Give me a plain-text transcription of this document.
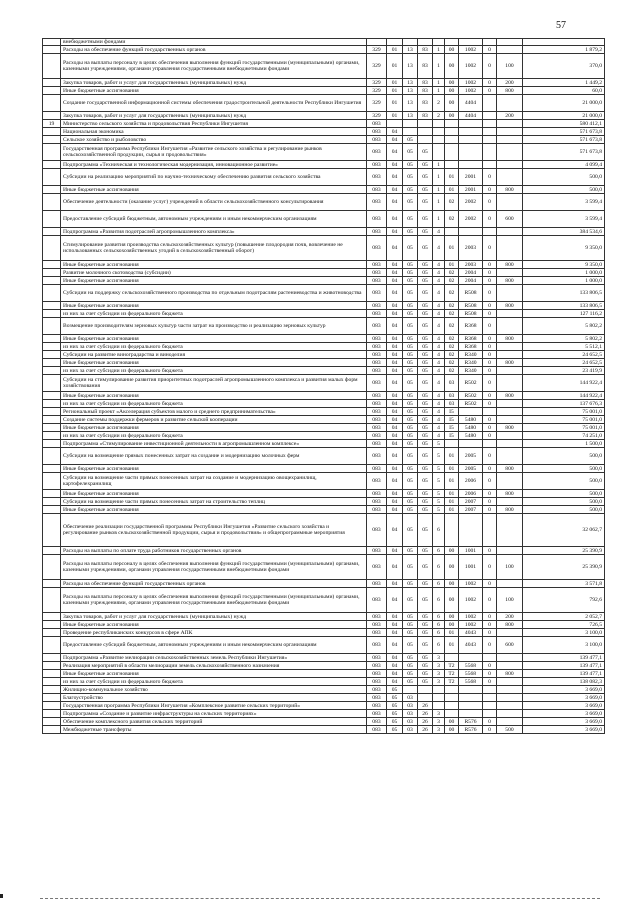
57
	внебюджетными фондами										
	Расходы на обеспечение функций государственных органов	329	01	13	83	1	00	1002	0		1 879,2
	Расходы на выплаты персоналу в целях обеспечения выполнения функций государственными (муниципальными) органами, казенными учреждениями, органами управления государственными внебюджетными фондами	329	01	13	83	1	00	1002	0	100	370,0
	Закупка товаров, работ и услуг для государственных (муниципальных) нужд	329	01	13	83	1	00	1002	0	200	1 449,2
	Иные бюджетные ассигнования	329	01	13	83	1	00	1002	0	800	60,0
	Создание государственной информационной системы обеспечения градостроительной деятельности Республики Ингушетия	329	01	13	83	2	00	4404			21 000,0
	Закупка товаров, работ и услуг для государственных (муниципальных) нужд	329	01	13	83	2	00	4404		200	21 000,0
19	Министерство сельского хозяйства и продовольствия Республики Ингушетия	083									580 412,1
	Национальная экономика	083	04								571 673,8
	Сельское хозяйство и рыболовство	083	04	05							571 673,8
	Государственная программа Республики Ингушетия «Развитие сельского хозяйства и регулирование рынков сельскохозяйственной продукции, сырья и продовольствия»	083	04	05	05						571 673,8
	Подпрограмма «Техническая и технологическая модернизация, инновационное развитие»	083	04	05	05	1					4 099,4
	Субсидии на реализацию мероприятий по научно-техническому обеспечению развития сельского хозяйства	083	04	05	05	1	01	2001	0		500,0
	Иные бюджетные ассигнования	083	04	05	05	1	01	2001	0	800	500,0
	Обеспечение деятельности (оказание услуг) учреждений в области сельскохозяйственного консультирования	083	04	05	05	1	02	2002	0		3 599,4
	Предоставление субсидий бюджетным, автономным учреждениям и иным некоммерческим организациям	083	04	05	05	1	02	2002	0	600	3 599,4
	Подпрограмма «Развития подотраслей агропромышленного комплекса»	083	04	05	05	4					384 534,6
	Стимулирование развития производства сельскохозяйственных культур (повышение плодородия почв, вовлечение не использованных сельскохозяйственных угодий в сельскохозяйственный оборот)	083	04	05	05	4	01	2003	0		9 350,0
	Иные бюджетные ассигнования	083	04	05	05	4	01	2003	0	800	9 350,0
	Развитие молочного скотоводства (субсидии)	083	04	05	05	4	02	2004	0		1 000,0
	Иные бюджетные ассигнования	083	04	05	05	4	02	2004	0	800	1 000,0
	Субсидии на поддержку сельскохозяйственного производства по отдельным подотраслям растениеводства и животноводства	083	04	05	05	4	02	R508	0		133 806,5
	Иные бюджетные ассигнования	083	04	05	05	4	02	R508	0	800	133 806,5
	из них за счет субсидии из федерального бюджета	083	04	05	05	4	02	R508	0		127 116,2
	Возмещение производителям зерновых культур части затрат на производство и реализацию зерновых культур	083	04	05	05	4	02	R368	0		5 802,2
	Иные бюджетные ассигнования	083	04	05	05	4	02	R368	0	800	5 802,2
	из них за счет субсидии из федерального бюджета	083	04	05	05	4	02	R368	0		5 512,1
	Субсидии на развитие виноградарства и виноделия	083	04	05	05	4	02	R340	0		24 652,5
	Иные бюджетные ассигнования	083	04	05	05	4	02	R340	0	800	24 652,5
	из них за счет субсидии из федерального бюджета	083	04	05	05	4	02	R340	0		23 419,9
	Субсидии на стимулирование развития приоритетных подотраслей агропромышленного комплекса и развития малых форм хозяйствования	083	04	05	05	4	03	R502	0		144 922,4
	Иные бюджетные ассигнования	083	04	05	05	4	03	R502	0	800	144 922,4
	из них за счет субсидии из федерального бюджета	083	04	05	05	4	03	R502	0		137 676,3
	Региональный проект «Акселерация субъектов малого и среднего предпринимательства»	083	04	05	05	4	I5				75 001,0
	Создание системы поддержки фермеров и развитие сельской кооперации	083	04	05	05	4	I5	5480	0		75 001,0
	Иные бюджетные ассигнования	083	04	05	05	4	I5	5480	0	800	75 001,0
	из них за счет субсидии из федерального бюджета	083	04	05	05	4	I5	5480	0		74 251,0
	Подпрограмма «Стимулирование инвестиционной деятельности в агропромышленном комплексе»	083	04	05	05	5					1 500,0
	Субсидии на возмещение прямых понесенных затрат на создание и модернизацию молочных ферм	083	04	05	05	5	01	2005	0		500,0
	Иные бюджетные ассигнования	083	04	05	05	5	01	2005	0	800	500,0
	Субсидии на возмещение части прямых понесенных затрат на создание и модернизацию овощехранилищ, картофелехранилищ	083	04	05	05	5	01	2006	0		500,0
	Иные бюджетные ассигнования	083	04	05	05	5	01	2006	0	800	500,0
	Субсидии на возмещение части прямых понесенных затрат на строительство теплиц	083	04	05	05	5	01	2007	0		500,0
	Иные бюджетные ассигнования	083	04	05	05	5	01	2007	0	800	500,0
	Обеспечение реализации государственной программы Республики Ингушетия «Развитие сельского хозяйства и регулирование рынков сельскохозяйственной продукции, сырья и продовольствия» и общепрограммные мероприятия	083	04	05	05	6					32 062,7
	Расходы на выплаты по оплате труда работников государственных органов	083	04	05	05	6	00	1001	0		25 390,9
	Расходы на выплаты персоналу в целях обеспечения выполнения функций государственными (муниципальными) органами, казенными учреждениями, органами управления государственными внебюджетными фондами	083	04	05	05	6	00	1001	0	100	25 390,9
	Расходы на обеспечение функций государственных органов	083	04	05	05	6	00	1002	0		3 571,8
	Расходы на выплаты персоналу в целях обеспечения выполнения функций государственными (муниципальными) органами, казенными учреждениями, органами управления государственными внебюджетными фондами	083	04	05	05	6	00	1002	0	100	792,6
	Закупка товаров, работ и услуг для государственных (муниципальных) нужд	083	04	05	05	6	00	1002	0	200	2 052,7
	Иные бюджетные ассигнования	083	04	05	05	6	00	1002	0	800	726,5
	Проведение республиканских конкурсов в сфере АПК	083	04	05	05	6	01	4043	0		3 100,0
	Предоставление субсидий бюджетным, автономным учреждениям и иным некоммерческим организациям	083	04	05	05	6	01	4043	0	600	3 100,0
	Подпрограмма «Развитие мелиорации сельскохозяйственных земель Республики Ингушетия»	083	04	05	05	3					139 477,1
	Реализация мероприятий в области мелиорации земель сельскохозяйственного назначения	083	04	05	05	3	T2	5568	0		139 477,1
	Иные бюджетные ассигнования	083	04	05	05	3	T2	5568	0	800	139 477,1
	из них за счет субсидии из федерального бюджета	083	04	05	05	3	T2	5568	0		138 082,3
	Жилищно-коммунальное хозяйство	083	05								3 669,0
	Благоустройство	083	05	03							3 669,0
	Государственная программа Республики Ингушетия «Комплексное развитие сельских территорий»	083	05	03	26						3 669,0
	Подпрограмма «Создание и развитие инфраструктуры на сельских территориях»	083	05	03	26	3					3 669,0
	Обеспечение комплексного развития сельских территорий	083	05	03	26	3	00	R576	0		3 669,0
	Межбюджетные трансферты	083	05	03	26	3	00	R576	0	500	3 669,0
